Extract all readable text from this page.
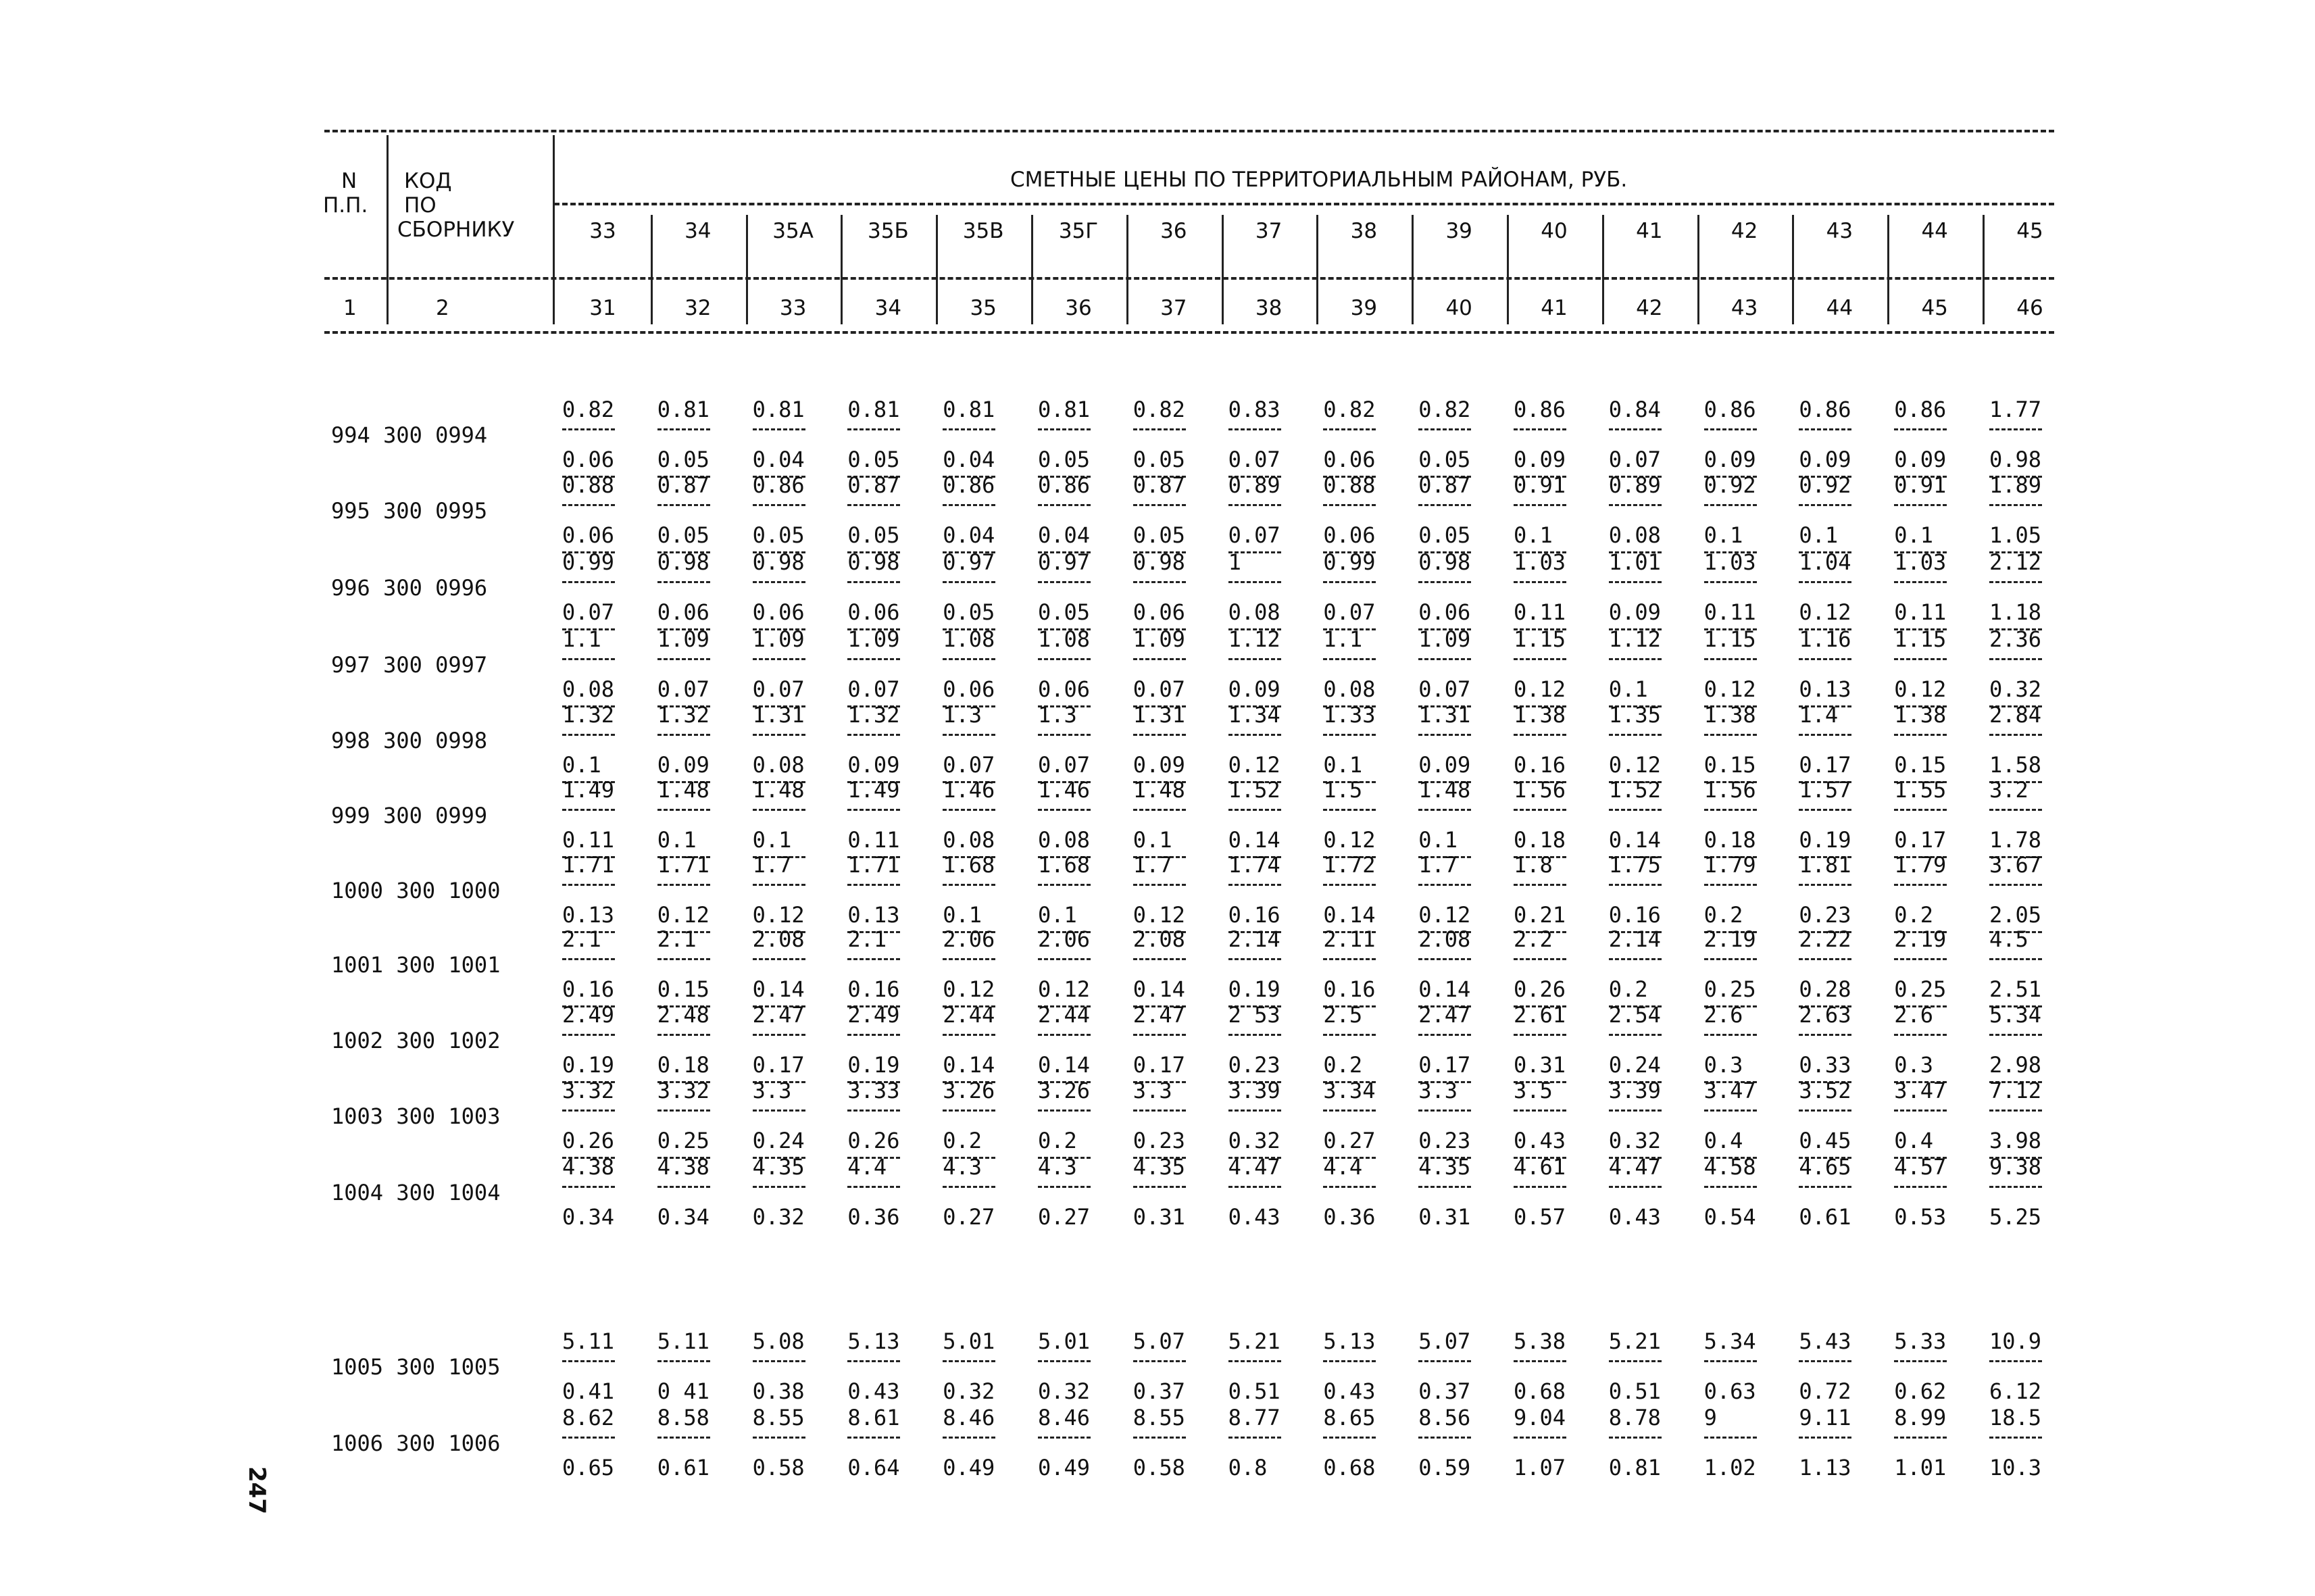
N
П.П.
КОД
ПО
СБОРНИКУ
СМЕТНЫЕ ЦЕНЫ ПО ТЕРРИТОРИАЛЬНЫМ РАЙОНАМ, РУБ.
1	2
33
31
34
32
35А
33
35Б
34
35В
35
35Г
36
36
37
37
38
38
39
39
40
40
41
41
42
42
43
43
44
44
45
45
46
994 300 0994
0.82
0.06
0.81
0.05
0.81
0.04
0.81
0.05
0.81
0.04
0.81
0.05
0.82
0.05
0.83
0.07
0.82
0.06
0.82
0.05
0.86
0.09
0.84
0.07
0.86
0.09
0.86
0.09
0.86
0.09
1.77
0.98
995 300 0995
0.88
0.06
0.87
0.05
0.86
0.05
0.87
0.05
0.86
0.04
0.86
0.04
0.87
0.05
0.89
0.07
0.88
0.06
0.87
0.05
0.91
0.1
0.89
0.08
0.92
0.1
0.92
0.1
0.91
0.1
1.89
1.05
996 300 0996
0.99
0.07
0.98
0.06
0.98
0.06
0.98
0.06
0.97
0.05
0.97
0.05
0.98
0.06
1
0.08
0.99
0.07
0.98
0.06
1.03
0.11
1.01
0.09
1.03
0.11
1.04
0.12
1.03
0.11
2.12
1.18
997 300 0997
1.1
0.08
1.09
0.07
1.09
0.07
1.09
0.07
1.08
0.06
1.08
0.06
1.09
0.07
1.12
0.09
1.1
0.08
1.09
0.07
1.15
0.12
1.12
0.1
1.15
0.12
1.16
0.13
1.15
0.12
2.36
0.32
998 300 0998
1.32
0.1
1.32
0.09
1.31
0.08
1.32
0.09
1.3
0.07
1.3
0.07
1.31
0.09
1.34
0.12
1.33
0.1
1.31
0.09
1.38
0.16
1.35
0.12
1.38
0.15
1.4
0.17
1.38
0.15
2.84
1.58
999 300 0999
1.49
0.11
1.48
0.1
1.48
0.1
1.49
0.11
1.46
0.08
1.46
0.08
1.48
0.1
1.52
0.14
1.5
0.12
1.48
0.1
1.56
0.18
1.52
0.14
1.56
0.18
1.57
0.19
1.55
0.17
3.2
1.78
1000 300 1000
1.71
0.13
1.71
0.12
1.7
0.12
1.71
0.13
1.68
0.1
1.68
0.1
1.7
0.12
1.74
0.16
1.72
0.14
1.7
0.12
1.8
0.21
1.75
0.16
1.79
0.2
1.81
0.23
1.79
0.2
3.67
2.05
1001 300 1001
2.1
0.16
2.1
0.15
2.08
0.14
2.1
0.16
2.06
0.12
2.06
0.12
2.08
0.14
2.14
0.19
2.11
0.16
2.08
0.14
2.2
0.26
2.14
0.2
2.19
0.25
2.22
0.28
2.19
0.25
4.5
2.51
1002 300 1002
2.49
0.19
2.48
0.18
2.47
0.17
2.49
0.19
2.44
0.14
2.44
0.14
2.47
0.17
2 53
0.23
2.5
0.2
2.47
0.17
2.61
0.31
2.54
0.24
2.6
0.3
2.63
0.33
2.6
0.3
5.34
2.98
1003 300 1003
3.32
0.26
3.32
0.25
3.3
0.24
3.33
0.26
3.26
0.2
3.26
0.2
3.3
0.23
3.39
0.32
3.34
0.27
3.3
0.23
3.5
0.43
3.39
0.32
3.47
0.4
3.52
0.45
3.47
0.4
7.12
3.98
1004 300 1004
4.38
0.34
4.38
0.34
4.35
0.32
4.4
0.36
4.3
0.27
4.3
0.27
4.35
0.31
4.47
0.43
4.4
0.36
4.35
0.31
4.61
0.57
4.47
0.43
4.58
0.54
4.65
0.61
4.57
0.53
9.38
5.25
1005 300 1005
5.11
0.41
5.11
0 41
5.08
0.38
5.13
0.43
5.01
0.32
5.01
0.32
5.07
0.37
5.21
0.51
5.13
0.43
5.07
0.37
5.38
0.68
5.21
0.51
5.34
0.63
5.43
0.72
5.33
0.62
10.9
6.12
1006 300 1006
8.62
0.65
8.58
0.61
8.55
0.58
8.61
0.64
8.46
0.49
8.46
0.49
8.55
0.58
8.77
0.8
8.65
0.68
8.56
0.59
9.04
1.07
8.78
0.81
9
1.02
9.11
1.13
8.99
1.01
18.5
10.3
247
